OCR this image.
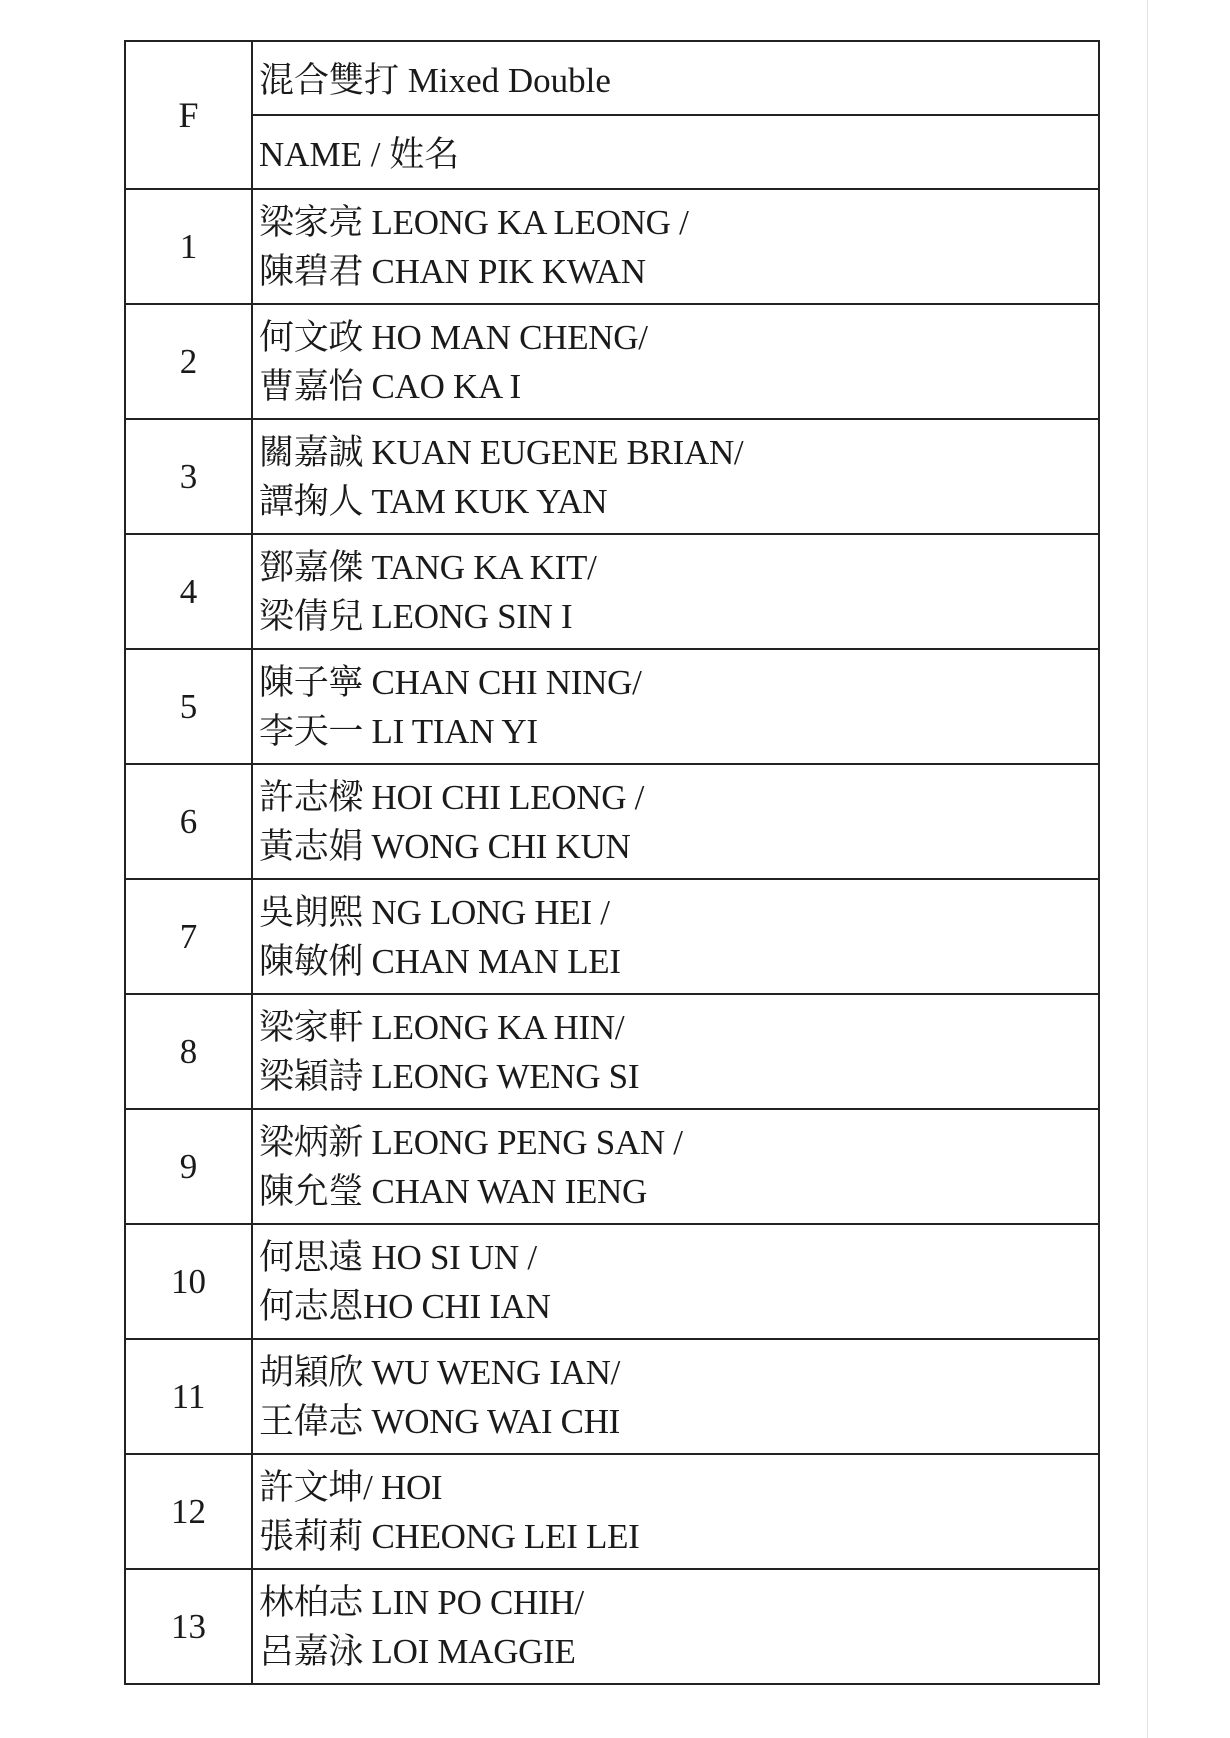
F	混合雙打 Mixed Double
	NAME / 姓名
1	梁家亮 LEONG KA LEONG /
陳碧君 CHAN PIK KWAN

2	何文政 HO MAN CHENG/
曹嘉怡 CAO KA I

3	關嘉誠 KUAN EUGENE BRIAN/
譚掬人 TAM KUK YAN

4	鄧嘉傑 TANG KA KIT/
梁倩兒 LEONG SIN I

5	陳子寧 CHAN CHI NING/
李天一 LI TIAN YI

6	許志樑 HOI CHI LEONG /
黃志娟 WONG CHI KUN

7	吳朗熙 NG LONG HEI /
陳敏俐 CHAN MAN LEI

8	梁家軒 LEONG KA HIN/
梁穎詩 LEONG WENG SI

9	梁炳新 LEONG PENG SAN /
陳允瑩 CHAN WAN IENG

10	何思遠 HO SI UN /
何志恩HO CHI IAN

11	胡穎欣 WU WENG IAN/
王偉志 WONG WAI CHI

12	許文坤/ HOI
張莉莉 CHEONG LEI LEI

13	林柏志 LIN PO CHIH/
呂嘉泳 LOI MAGGIE
